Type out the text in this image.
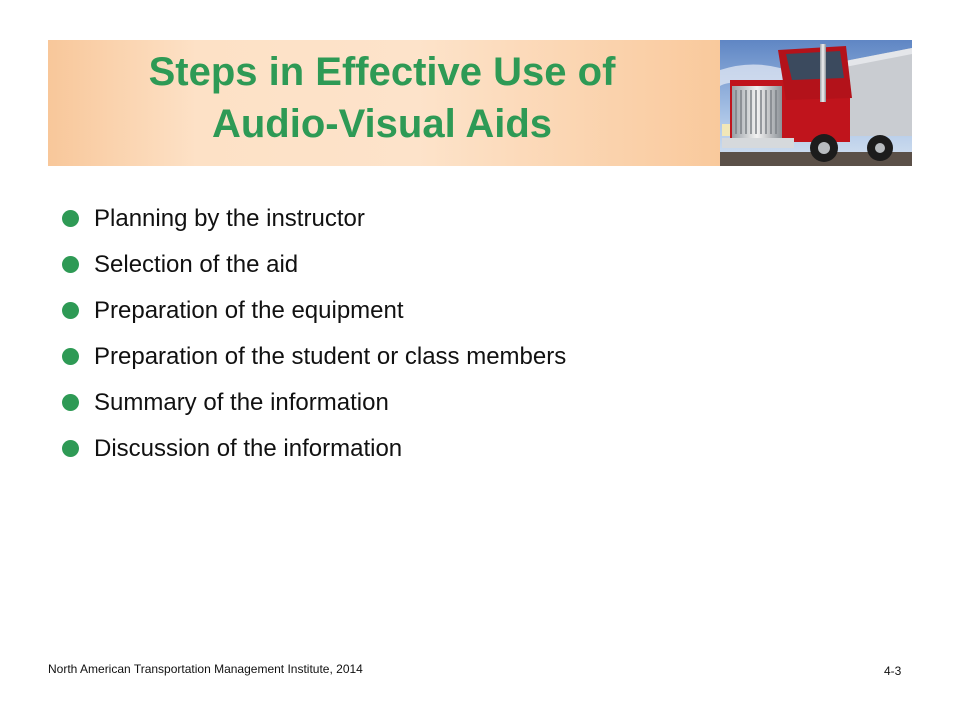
Steps in Effective Use of
Audio-Visual Aids
Planning by the instructor
Selection of the aid
Preparation of the equipment
Preparation of the student or class members
Summary of the information
Discussion of the information
North American Transportation Management Institute, 2014	4-3
